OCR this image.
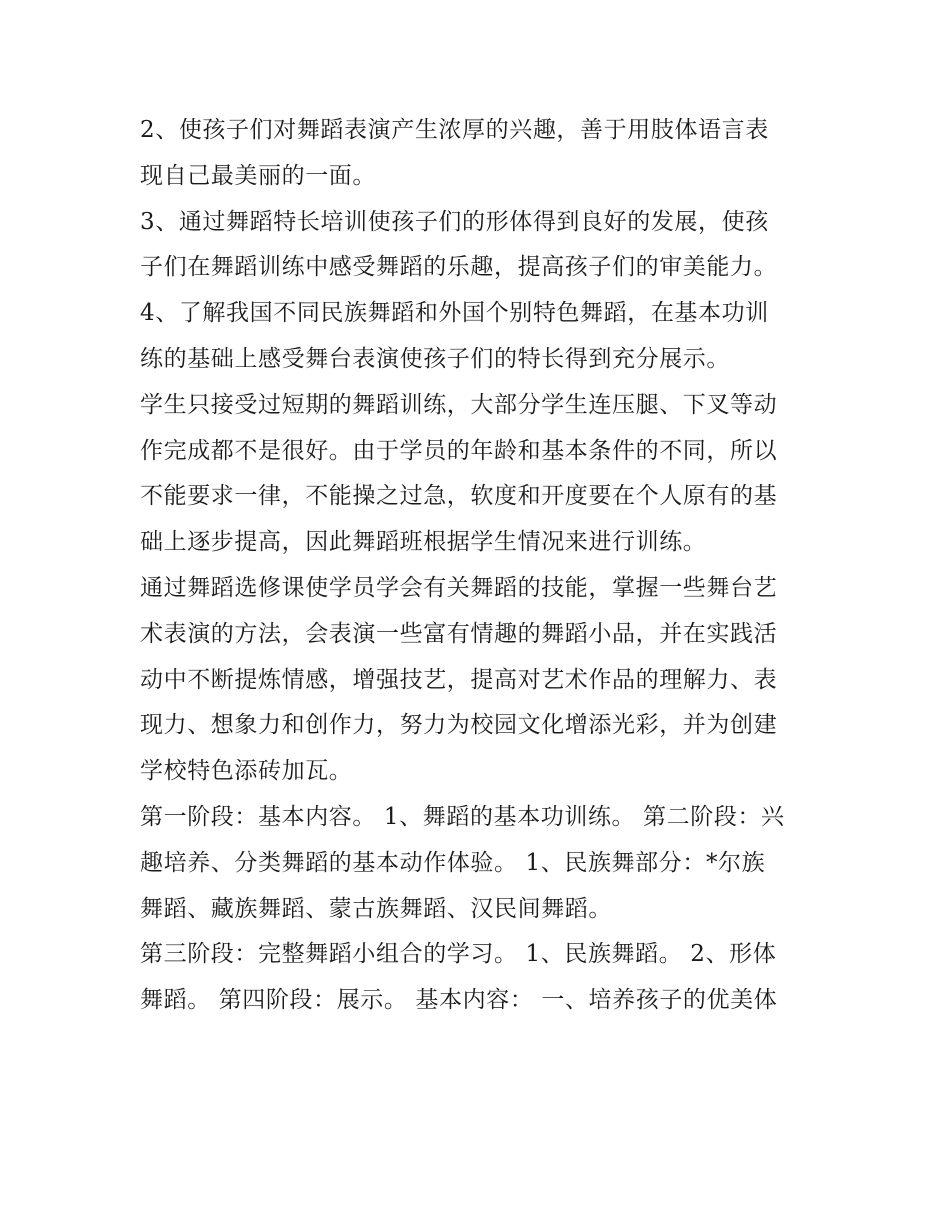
2、使孩子们对舞蹈表演产生浓厚的兴趣，善于用肢体语言表
现自己最美丽的一面。
3、通过舞蹈特长培训使孩子们的形体得到良好的发展，使孩
子们在舞蹈训练中感受舞蹈的乐趣，提高孩子们的审美能力。
4、了解我国不同民族舞蹈和外国个别特色舞蹈，在基本功训
练的基础上感受舞台表演使孩子们的特长得到充分展示。
学生只接受过短期的舞蹈训练，大部分学生连压腿、下叉等动
作完成都不是很好。由于学员的年龄和基本条件的不同，所以
不能要求一律，不能操之过急，软度和开度要在个人原有的基
础上逐步提高，因此舞蹈班根据学生情况来进行训练。
通过舞蹈选修课使学员学会有关舞蹈的技能，掌握一些舞台艺
术表演的方法，会表演一些富有情趣的舞蹈小品，并在实践活
动中不断提炼情感，增强技艺，提高对艺术作品的理解力、表
现力、想象力和创作力，努力为校园文化增添光彩，并为创建
学校特色添砖加瓦。
第一阶段：基本内容。 1、舞蹈的基本功训练。 第二阶段：兴
趣培养、分类舞蹈的基本动作体验。 1、民族舞部分：*尔族
舞蹈、藏族舞蹈、蒙古族舞蹈、汉民间舞蹈。
第三阶段：完整舞蹈小组合的学习。 1、民族舞蹈。 2、形体
舞蹈。 第四阶段：展示。 基本内容： 一、培养孩子的优美体
